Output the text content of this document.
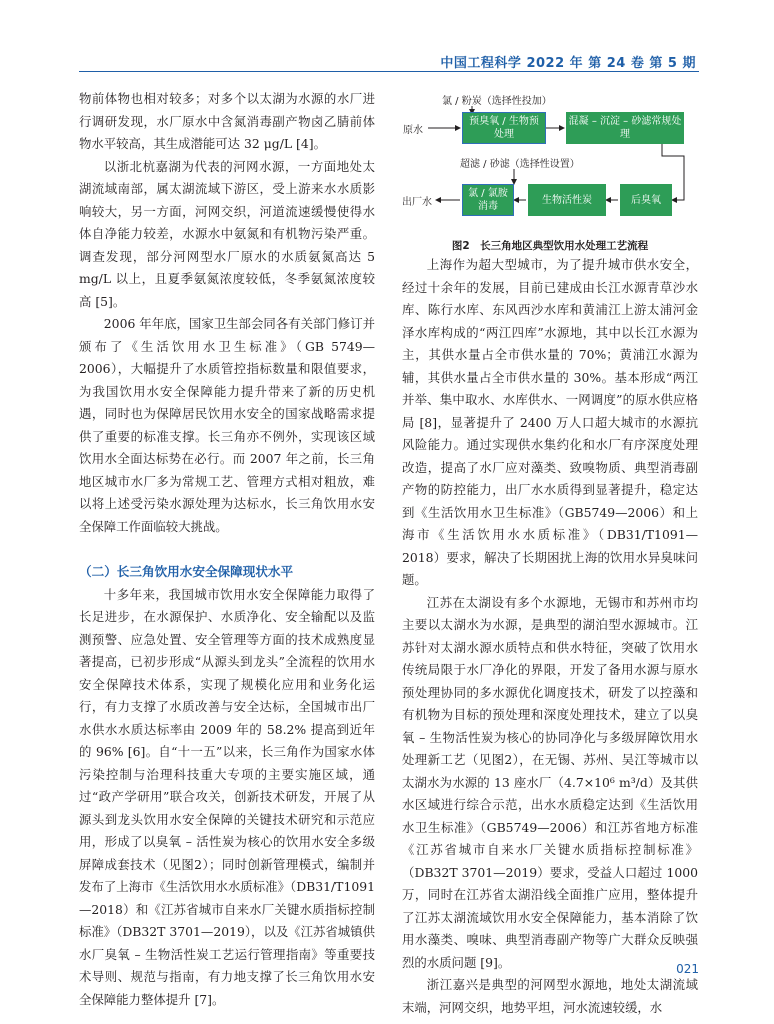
中国工程科学 2022 年 第 24 卷 第 5 期

物前体物也相对较多；对多个以太湖为水源的水厂进行调研发现，水厂原水中含氮消毒副产物卤乙腈前体物水平较高，其生成潜能可达 32 μg/L [4]。

以浙北杭嘉湖为代表的河网水源，一方面地处太湖流域南部，属太湖流域下游区，受上游来水水质影响较大，另一方面，河网交织，河道流速缓慢使得水体自净能力较差，水源水中氨氮和有机物污染严重。调查发现，部分河网型水厂原水的水质氨氮高达 5 mg/L 以上，且夏季氨氮浓度较低，冬季氨氮浓度较高 [5]。

2006 年年底，国家卫生部会同各有关部门修订并颁布了《生活饮用水卫生标准》（GB 5749—2006），大幅提升了水质管控指标数量和限值要求，为我国饮用水安全保障能力提升带来了新的历史机遇，同时也为保障居民饮用水安全的国家战略需求提供了重要的标准支撑。长三角亦不例外，实现该区域饮用水全面达标势在必行。而 2007 年之前，长三角地区城市水厂多为常规工艺、管理方式相对粗放，难以将上述受污染水源处理为达标水，长三角饮用水安全保障工作面临较大挑战。

（二）长三角饮用水安全保障现状水平

十多年来，我国城市饮用水安全保障能力取得了长足进步，在水源保护、水质净化、安全输配以及监测预警、应急处置、安全管理等方面的技术成熟度显著提高，已初步形成“从源头到龙头”全流程的饮用水安全保障技术体系，实现了规模化应用和业务化运行，有力支撑了水质改善与安全达标，全国城市出厂水供水水质达标率由 2009 年的 58.2% 提高到近年的 96% [6]。自“十一五”以来，长三角作为国家水体污染控制与治理科技重大专项的主要实施区域，通过“政产学研用”联合攻关，创新技术研发，开展了从源头到龙头饮用水安全保障的关键技术研究和示范应用，形成了以臭氧 – 活性炭为核心的饮用水安全多级屏障成套技术（见图2）；同时创新管理模式，编制并发布了上海市《生活饮用水水质标准》（DB31/T1091—2018）和《江苏省城市自来水厂关键水质指标控制标准》（DB32T 3701—2019），以及《江苏省城镇供水厂臭氧 – 生物活性炭工艺运行管理指南》等重要技术导则、规范与指南，有力地支撑了长三角饮用水安全保障能力整体提升 [7]。

氯 / 粉炭（选择性投加）
原水
预臭氧 / 生物预处理
混凝 – 沉淀 – 砂滤常规处理
超滤 / 砂滤（选择性设置）
后臭氧
生物活性炭
氯 / 氯胺消毒
出厂水
图2　长三角地区典型饮用水处理工艺流程

上海作为超大型城市，为了提升城市供水安全，经过十余年的发展，目前已建成由长江水源青草沙水库、陈行水库、东风西沙水库和黄浦江上游太浦河金泽水库构成的“两江四库”水源地，其中以长江水源为主，其供水量占全市供水量的 70%；黄浦江水源为辅，其供水量占全市供水量的 30%。基本形成“两江并举、集中取水、水库供水、一网调度”的原水供应格局 [8]，显著提升了 2400 万人口超大城市的水源抗风险能力。通过实现供水集约化和水厂有序深度处理改造，提高了水厂应对藻类、致嗅物质、典型消毒副产物的防控能力，出厂水水质得到显著提升，稳定达到《生活饮用水卫生标准》（GB5749—2006）和上海市《生活饮用水水质标准》（DB31/T1091—2018）要求，解决了长期困扰上海的饮用水异臭味问题。

江苏在太湖设有多个水源地，无锡市和苏州市均主要以太湖水为水源，是典型的湖泊型水源城市。江苏针对太湖水源水质特点和供水特征，突破了饮用水传统局限于水厂净化的界限，开发了备用水源与原水预处理协同的多水源优化调度技术，研发了以控藻和有机物为目标的预处理和深度处理技术，建立了以臭氧 – 生物活性炭为核心的协同净化与多级屏障饮用水处理新工艺（见图2），在无锡、苏州、吴江等城市以太湖水为水源的 13 座水厂（4.7×10⁶ m³/d）及其供水区域进行综合示范，出水水质稳定达到《生活饮用水卫生标准》（GB5749—2006）和江苏省地方标准《江苏省城市自来水厂关键水质指标控制标准》（DB32T 3701—2019）要求，受益人口超过 1000 万，同时在江苏省太湖沿线全面推广应用，整体提升了江苏太湖流域饮用水安全保障能力，基本消除了饮用水藻类、嗅味、典型消毒副产物等广大群众反映强烈的水质问题 [9]。

浙江嘉兴是典型的河网型水源地，地处太湖流域末端，河网交织，地势平坦，河水流速较缓，水

021
